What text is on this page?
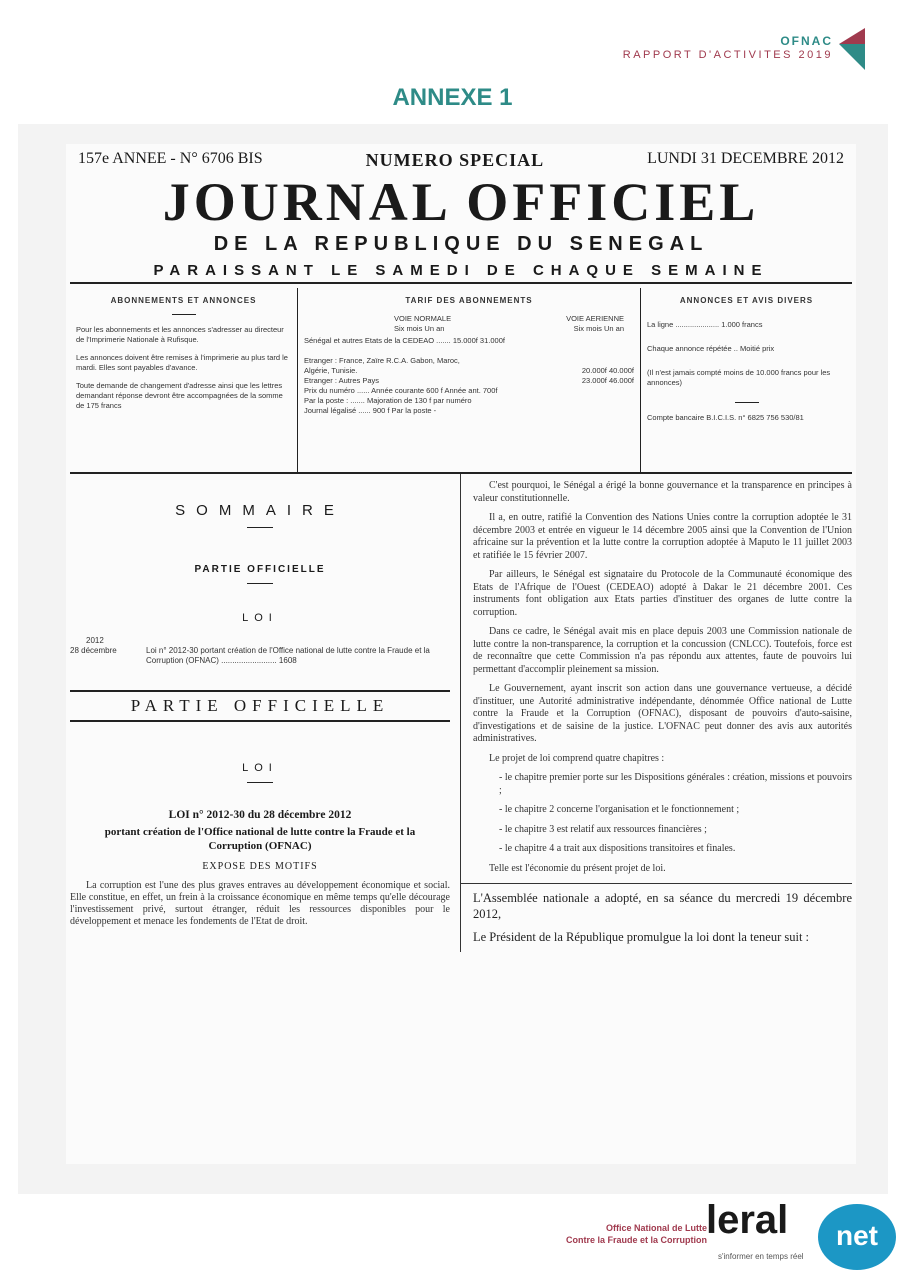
OFNAC
RAPPORT D'ACTIVITES 2019
ANNEXE 1
157e ANNEE - N° 6706 BIS	NUMERO SPECIAL	LUNDI 31 DECEMBRE 2012
JOURNAL OFFICIEL
DE LA REPUBLIQUE DU SENEGAL
PARAISSANT LE SAMEDI DE CHAQUE SEMAINE
ABONNEMENTS ET ANNONCES

Pour les abonnements et les annonces s'adresser au directeur de l'Imprimerie Nationale à Rufisque.

Les annonces doivent être remises à l'imprimerie au plus tard le mardi. Elles sont payables d'avance.

Toute demande de changement d'adresse ainsi que les lettres demandant réponse devront être accompagnées de la somme de 175 francs

TARIF DES ABONNEMENTS
VOIE NORMALE	VOIE AERIENNE
Six mois Un an	Six mois Un an
Sénégal et autres Etats de la CEDEAO ....... 15.000f 31.000f
Etranger : France, Zaïre R.C.A. Gabon, Maroc, Algérie, Tunisie.	20.000f 40.000f
Etranger : Autres Pays	23.000f 46.000f
Prix du numéro ...... Année courante 600 f Année ant. 700f
Par la poste : ....... Majoration de 130 f par numéro
Journal légalisé ...... 900 f Par la poste -
ANNONCES ET AVIS DIVERS

La ligne ..................... 1.000 francs

Chaque annonce répétée .. Moitié prix

(Il n'est jamais compté moins de 10.000 francs pour les annonces)

Compte bancaire B.I.C.I.S. n° 6825 756 530/81

SOMMAIRE
PARTIE OFFICIELLE
LOI
2012
28 décembre	Loi n° 2012-30 portant création de l'Office national de lutte contre la Fraude et la Corruption (OFNAC) ......................... 1608
PARTIE OFFICIELLE
LOI
LOI n° 2012-30 du 28 décembre 2012
portant création de l'Office national de lutte contre la Fraude et la Corruption (OFNAC)
EXPOSE DES MOTIFS
La corruption est l'une des plus graves entraves au développement économique et social. Elle constitue, en effet, un frein à la croissance économique en même temps qu'elle décourage l'investissement privé, surtout étranger, réduit les ressources disponibles pour le développement et menace les fondements de l'Etat de droit.

C'est pourquoi, le Sénégal a érigé la bonne gouvernance et la transparence en principes à valeur constitutionnelle.

Il a, en outre, ratifié la Convention des Nations Unies contre la corruption adoptée le 31 décembre 2003 et entrée en vigueur le 14 décembre 2005 ainsi que la Convention de l'Union africaine sur la prévention et la lutte contre la corruption adoptée à Maputo le 11 juillet 2003 et ratifiée le 15 février 2007.

Par ailleurs, le Sénégal est signataire du Protocole de la Communauté économique des Etats de l'Afrique de l'Ouest (CEDEAO) adopté à Dakar le 21 décembre 2001. Ces instruments font obligation aux Etats parties d'instituer des organes de lutte contre la corruption.

Dans ce cadre, le Sénégal avait mis en place depuis 2003 une Commission nationale de lutte contre la non-transparence, la corruption et la concussion (CNLCC). Toutefois, force est de reconnaître que cette Commission n'a pas répondu aux attentes, faute de pouvoirs lui permettant d'accomplir pleinement sa mission.

Le Gouvernement, ayant inscrit son action dans une gouvernance vertueuse, a décidé d'instituer, une Autorité administrative indépendante, dénommée Office national de Lutte contre la Fraude et la Corruption (OFNAC), disposant de pouvoirs d'auto-saisine, d'investigations et de saisine de la justice. L'OFNAC peut donner des avis aux autorités administratives.

Le projet de loi comprend quatre chapitres :

- le chapitre premier porte sur les Dispositions générales : création, missions et pouvoirs ;

- le chapitre 2 concerne l'organisation et le fonctionnement ;

- le chapitre 3 est relatif aux ressources financières ;

- le chapitre 4 a trait aux dispositions transitoires et finales.

Telle est l'économie du présent projet de loi.

L'Assemblée nationale a adopté, en sa séance du mercredi 19 décembre 2012,

Le Président de la République promulgue la loi dont la teneur suit :

Office National de Lutte
Contre la Fraude et la Corruption
leral
s'informer en temps réel
net
